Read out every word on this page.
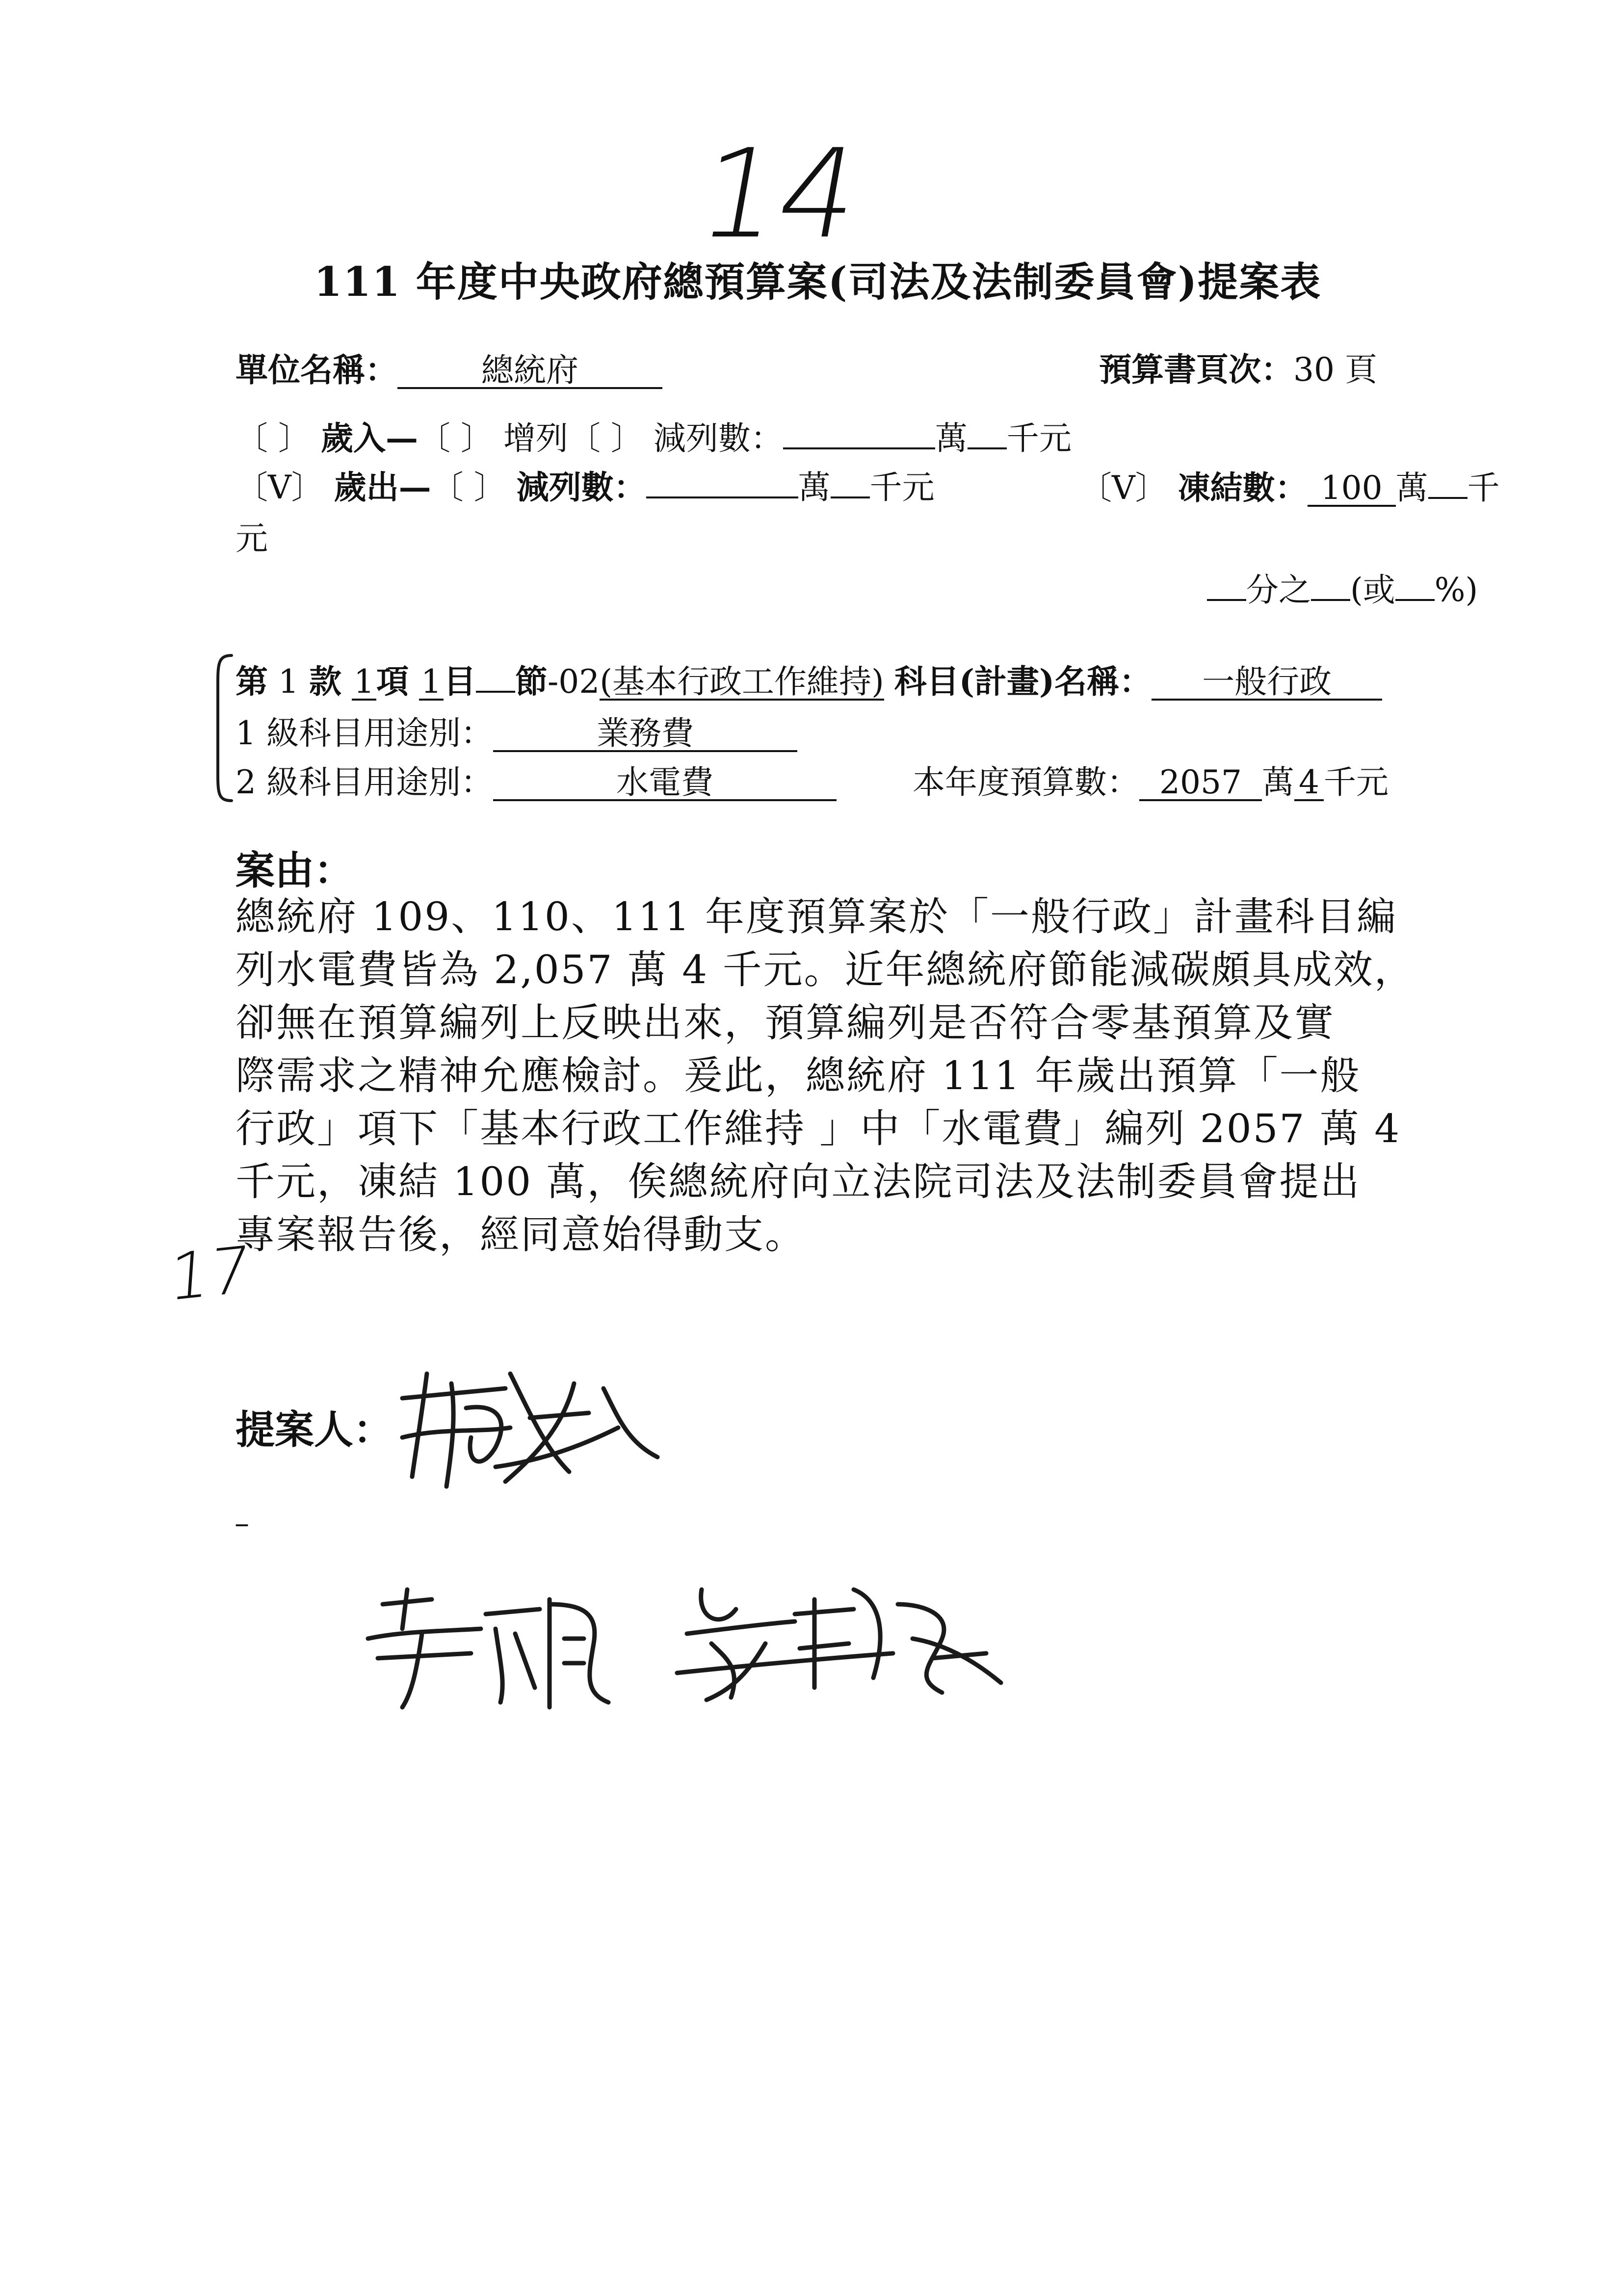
14
111 年度中央政府總預算案(司法及法制委員會)提案表
單位名稱：	總統府	預算書頁次：30 頁
〔 〕 歲入—〔 〕 增列〔 〕 減列數：	萬 千元
〔V〕 歲出—〔 〕 減列數：	萬 千元	〔V〕 凍結數： 100 萬 千
元
分之 (或 %)
第 1 款 1項 1目 節-02(基本行政工作維持) 科目(計畫)名稱： 一般行政
1 級科目用途別：	業務費
2 級科目用途別：	水電費	本年度預算數： 2057 萬 4 千元
案由：
總統府 109、110、111 年度預算案於「一般行政」計畫科目編
列水電費皆為 2,057 萬 4 千元。近年總統府節能減碳頗具成效，
卻無在預算編列上反映出來，預算編列是否符合零基預算及實
際需求之精神允應檢討。爰此，總統府 111 年歲出預算「一般
行政」項下「基本行政工作維持 」中「水電費」編列 2057 萬 4
千元，凍結 100 萬，俟總統府向立法院司法及法制委員會提出
專案報告後，經同意始得動支。
17
提案人：
–
